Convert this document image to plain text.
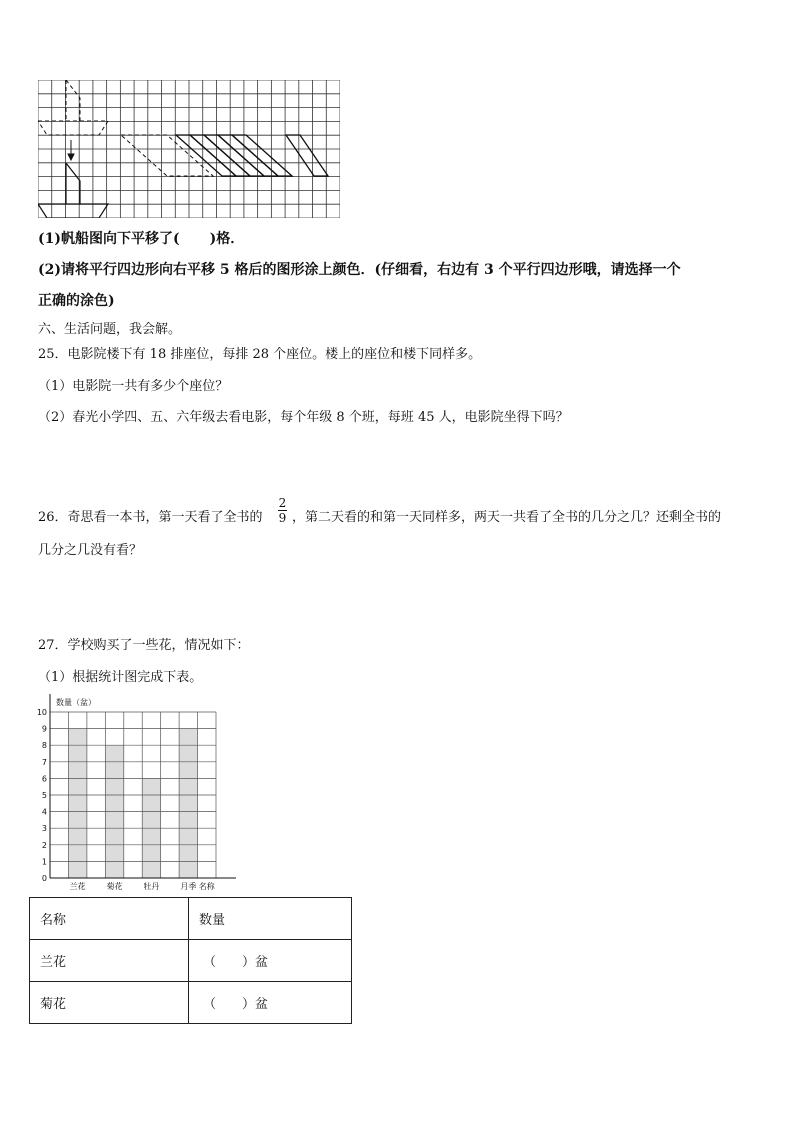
(1)帆船图向下平移了( )格．
(2)请将平行四边形向右平移 5 格后的图形涂上颜色．(仔细看，右边有 3 个平行四边形哦，请选择一个
正确的涂色)
六、生活问题，我会解。
25．电影院楼下有 18 排座位，每排 28 个座位。楼上的座位和楼下同样多。
（1）电影院一共有多少个座位？
（2）春光小学四、五、六年级去看电影，每个年级 8 个班，每班 45 人，电影院坐得下吗？
26．奇思看一本书，第一天看了全书的
2
9 ，第二天看的和第一天同样多，两天一共看了全书的几分之几？还剩全书的
几分之几没有看？
27．学校购买了一些花，情况如下：
（1）根据统计图完成下表。
0
1
2
3
4
5
6
7
8
9
10
数量（盆）
兰花	菊花	牡丹	月季 名称
名称	数量
兰花	（　　）盆
菊花	（　　）盆
